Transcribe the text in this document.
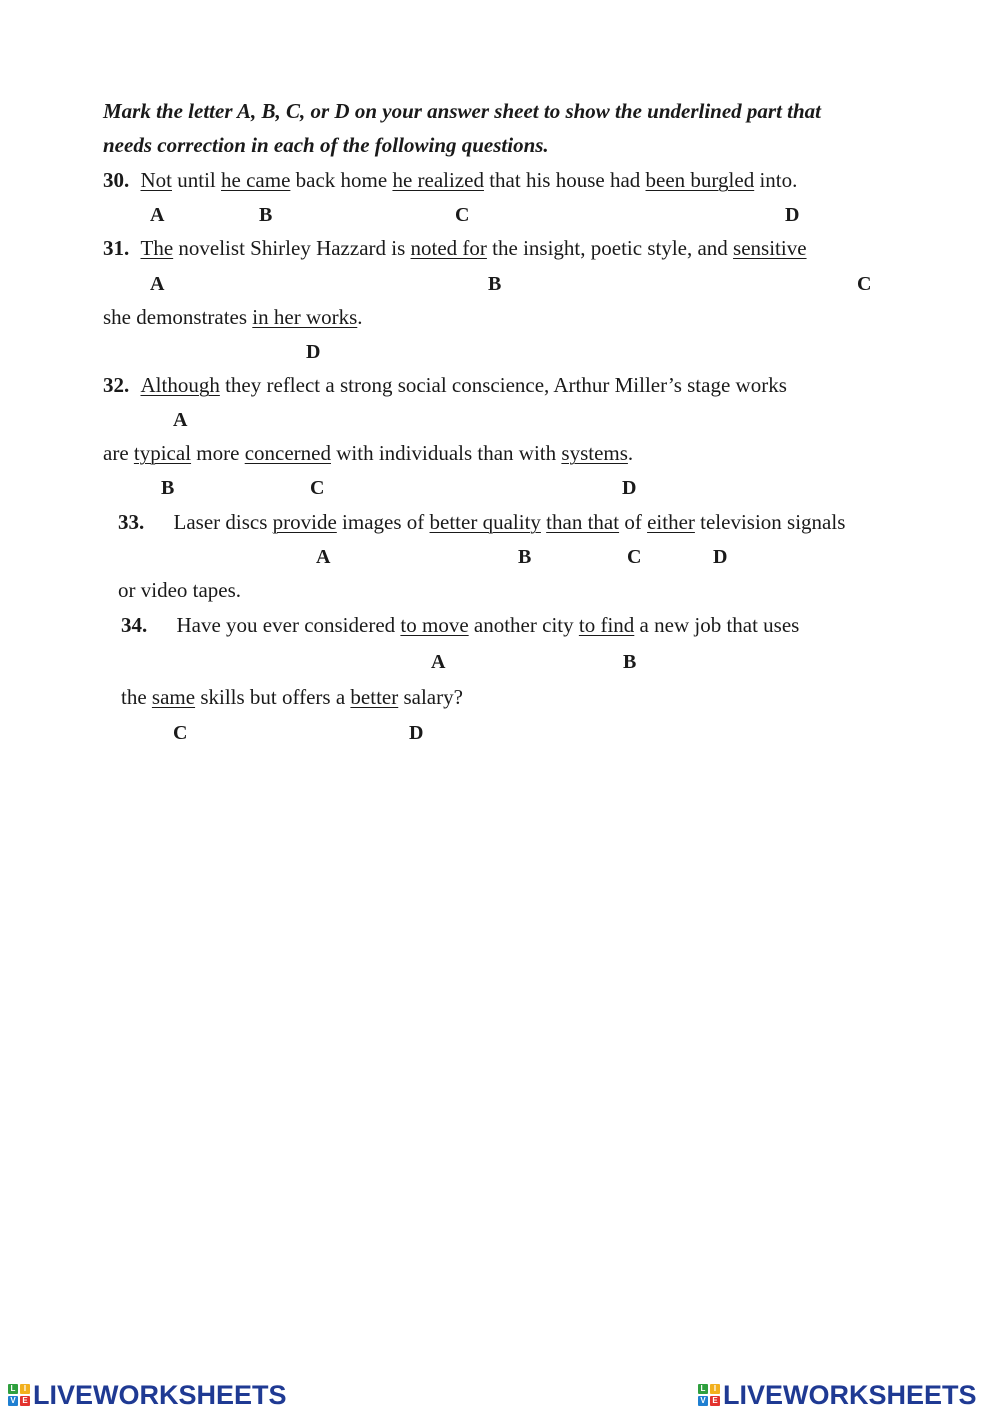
Mark the letter A, B, C, or D on your answer sheet to show the underlined part that
needs correction in each of the following questions.
30. Not until he came back home he realized that his house had been burgled into.
A	B	C	D
31. The novelist Shirley Hazzard is noted for the insight, poetic style, and sensitive
A	B	C
she demonstrates in her works.
D
32. Although they reflect a strong social conscience, Arthur Miller’s stage works
A
are typical more concerned with individuals than with systems.
B	C	D
33. Laser discs provide images of better quality than that of either television signals
A	B	C	D
or video tapes.
34. Have you ever considered to move another city to find a new job that uses
A	B
the same skills but offers a better salary?
C	D
L	I
V E LIVEWORKSHEETS	L	I
V E LIVEWORKSHEETS
